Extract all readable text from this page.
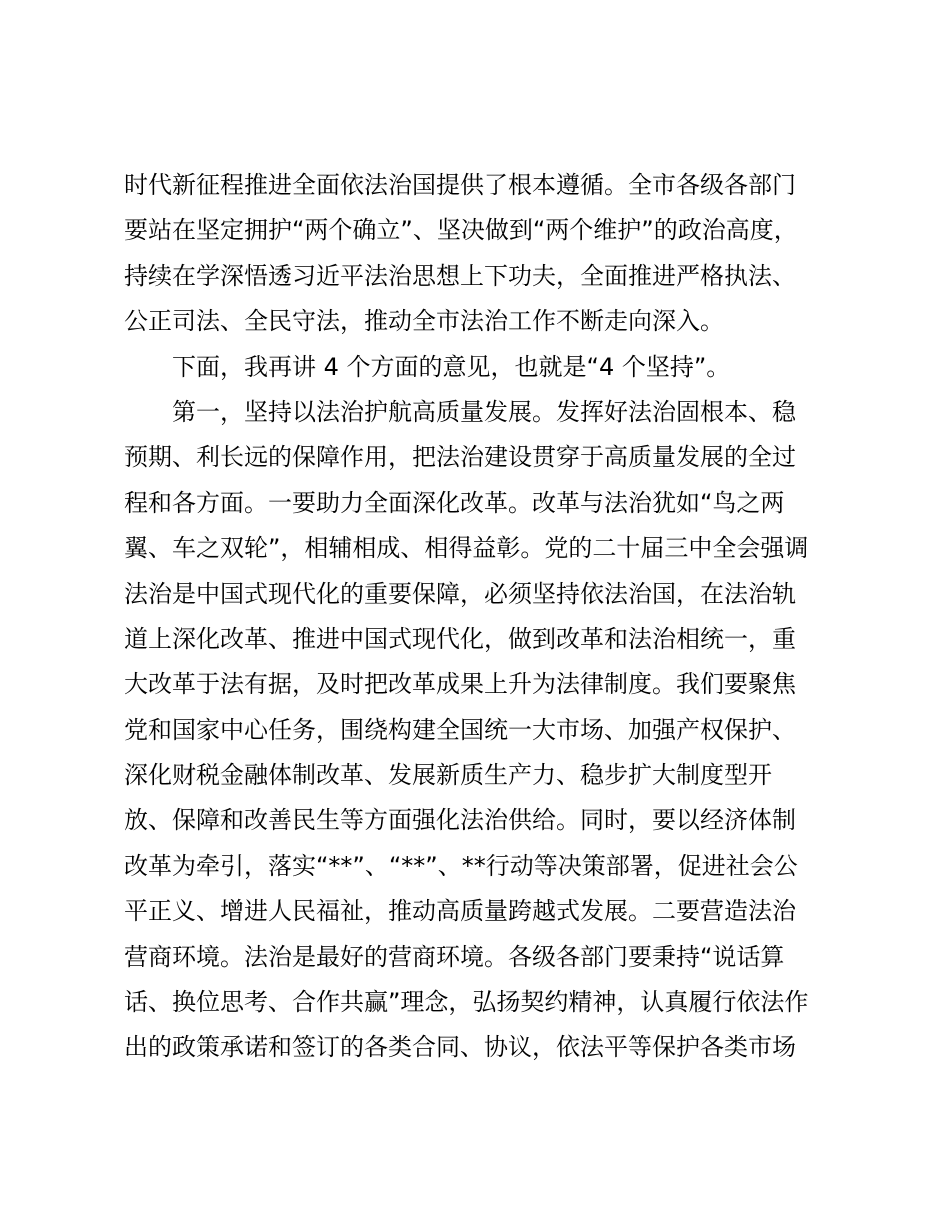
时代新征程推进全面依法治国提供了根本遵循。全市各级各部门
要站在坚定拥护“两个确立”、坚决做到“两个维护”的政治高度，
持续在学深悟透习近平法治思想上下功夫，全面推进严格执法、
公正司法、全民守法，推动全市法治工作不断走向深入。
下面，我再讲 4 个方面的意见，也就是“4 个坚持”。
第一，坚持以法治护航高质量发展。发挥好法治固根本、稳
预期、利长远的保障作用，把法治建设贯穿于高质量发展的全过
程和各方面。一要助力全面深化改革。改革与法治犹如“鸟之两
翼、车之双轮”，相辅相成、相得益彰。党的二十届三中全会强调
法治是中国式现代化的重要保障，必须坚持依法治国，在法治轨
道上深化改革、推进中国式现代化，做到改革和法治相统一，重
大改革于法有据，及时把改革成果上升为法律制度。我们要聚焦
党和国家中心任务，围绕构建全国统一大市场、加强产权保护、
深化财税金融体制改革、发展新质生产力、稳步扩大制度型开
放、保障和改善民生等方面强化法治供给。同时，要以经济体制
改革为牵引，落实“**”、“**”、**行动等决策部署，促进社会公
平正义、增进人民福祉，推动高质量跨越式发展。二要营造法治
营商环境。法治是最好的营商环境。各级各部门要秉持“说话算
话、换位思考、合作共赢”理念，弘扬契约精神，认真履行依法作
出的政策承诺和签订的各类合同、协议，依法平等保护各类市场
